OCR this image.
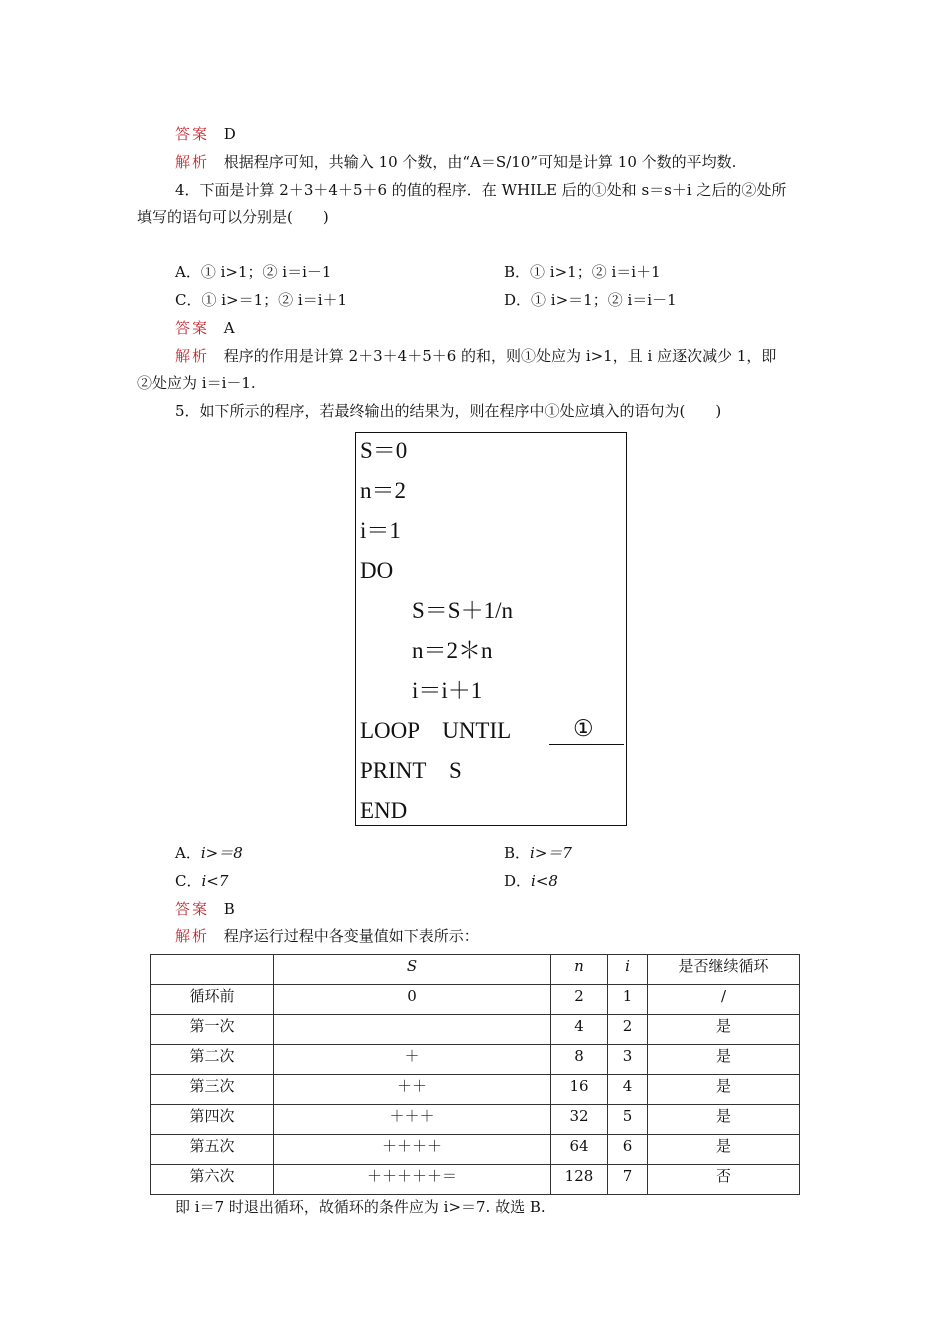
答案 D
解析 根据程序可知，共输入 10 个数，由“A＝S/10”可知是计算 10 个数的平均数.
4．下面是计算 2＋3＋4＋5＋6 的值的程序．在 WHILE 后的①处和 s＝s＋i 之后的②处所
填写的语句可以分别是(　　)
A．① i>1；② i＝i－1	B．① i>1；② i＝i＋1
C．① i>＝1；② i＝i＋1	D．① i>＝1；② i＝i－1
答案 A
解析 程序的作用是计算 2＋3＋4＋5＋6 的和，则①处应为 i>1，且 i 应逐次减少 1，即
②处应为 i＝i－1.
5．如下所示的程序，若最终输出的结果为，则在程序中①处应填入的语句为(　　)
S＝0
n＝2
i＝1
DO
S＝S＋1/n
n＝2＊n
i＝i＋1
LOOP　UNTIL	①
PRINT　S
END
A．i>＝8	B．i>＝7
C．i<7	D．i<8
答案 B
解析 程序运行过程中各变量值如下表所示：
	S	n	i	是否继续循环
循环前	0	2	1	/
第一次		4	2	是
第二次	＋	8	3	是
第三次	＋＋	16	4	是
第四次	＋＋＋	32	5	是
第五次	＋＋＋＋	64	6	是
第六次	＋＋＋＋＋＝	128	7	否
即 i＝7 时退出循环，故循环的条件应为 i>＝7. 故选 B.
